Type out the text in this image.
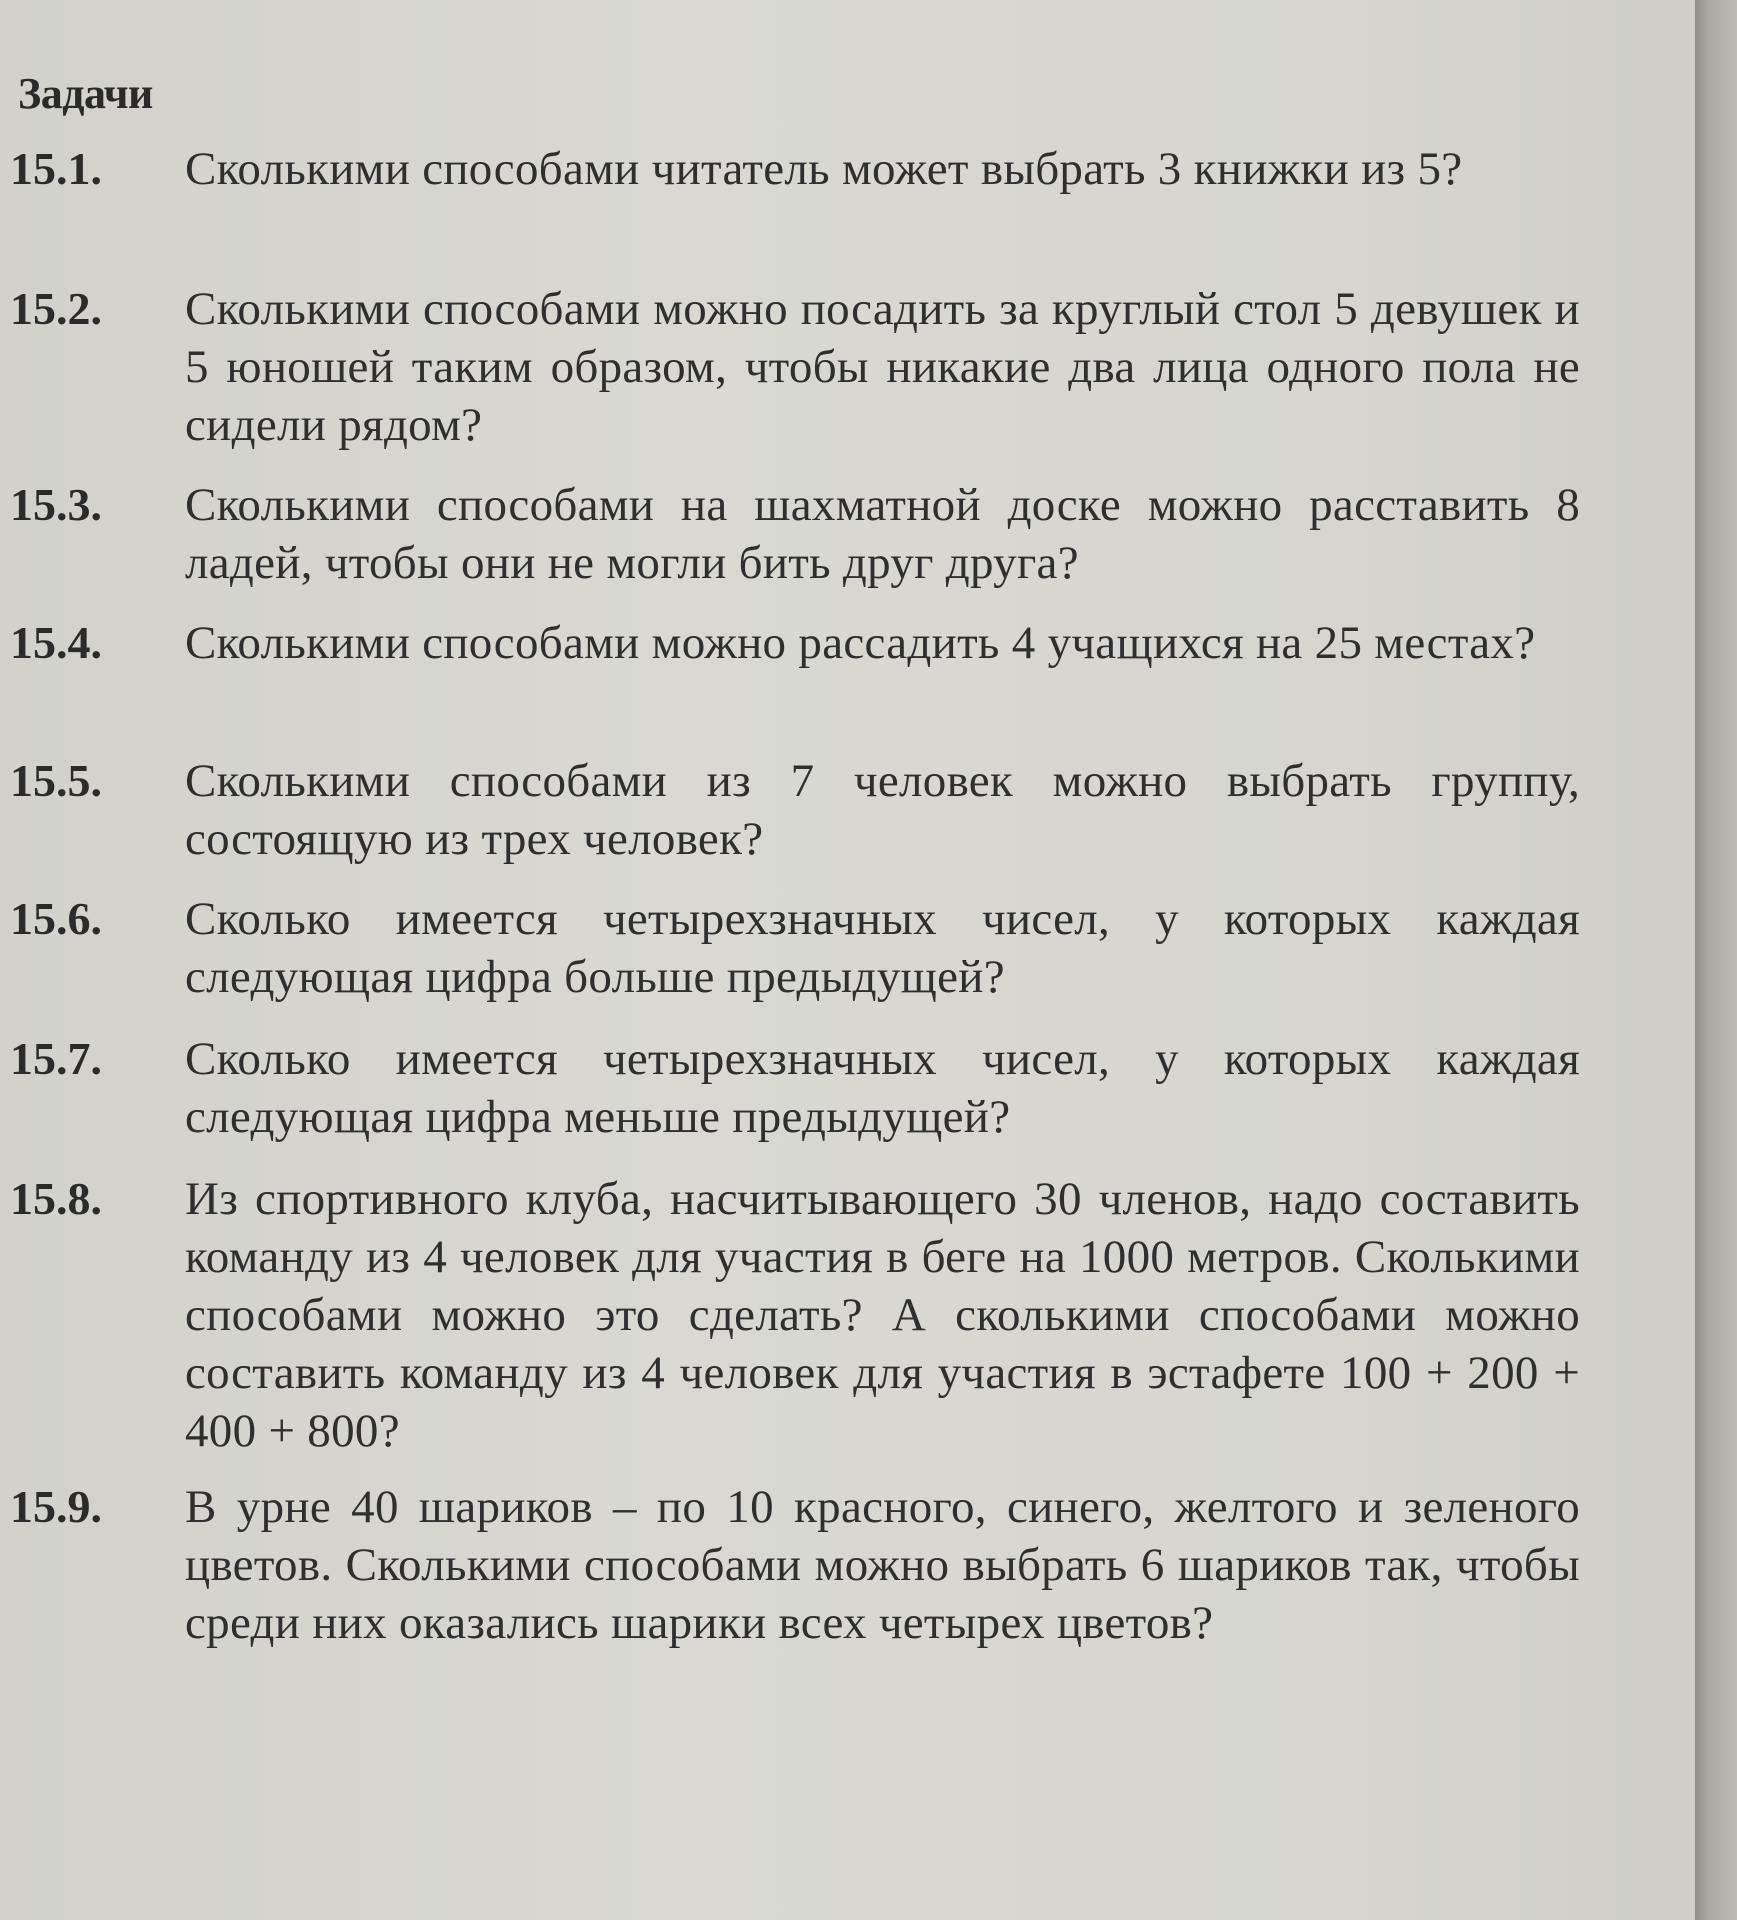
Задачи
15.1.	Сколькими способами читатель может выбрать 3 книжки из 5?
15.2.	Сколькими способами можно посадить за круглый стол 5 девушек и 5 юношей таким образом, чтобы никакие два лица одного пола не сидели рядом?
15.3.	Сколькими способами на шахматной доске можно расставить 8 ладей, чтобы они не могли бить друг друга?
15.4.	Сколькими способами можно рассадить 4 учащихся на 25 местах?
15.5.	Сколькими способами из 7 человек можно выбрать группу, состоящую из трех человек?
15.6.	Сколько имеется четырехзначных чисел, у которых каждая следующая цифра больше предыдущей?
15.7.	Сколько имеется четырехзначных чисел, у которых каждая следующая цифра меньше предыдущей?
15.8.	Из спортивного клуба, насчитывающего 30 членов, надо составить команду из 4 человек для участия в беге на 1000 метров. Сколькими способами можно это сделать? А сколькими способами можно составить команду из 4 человек для участия в эстафете 100 + 200 + 400 + 800?
15.9.	В урне 40 шариков – по 10 красного, синего, желтого и зеленого цветов. Сколькими способами можно выбрать 6 шариков так, чтобы среди них оказались шарики всех четырех цветов?
